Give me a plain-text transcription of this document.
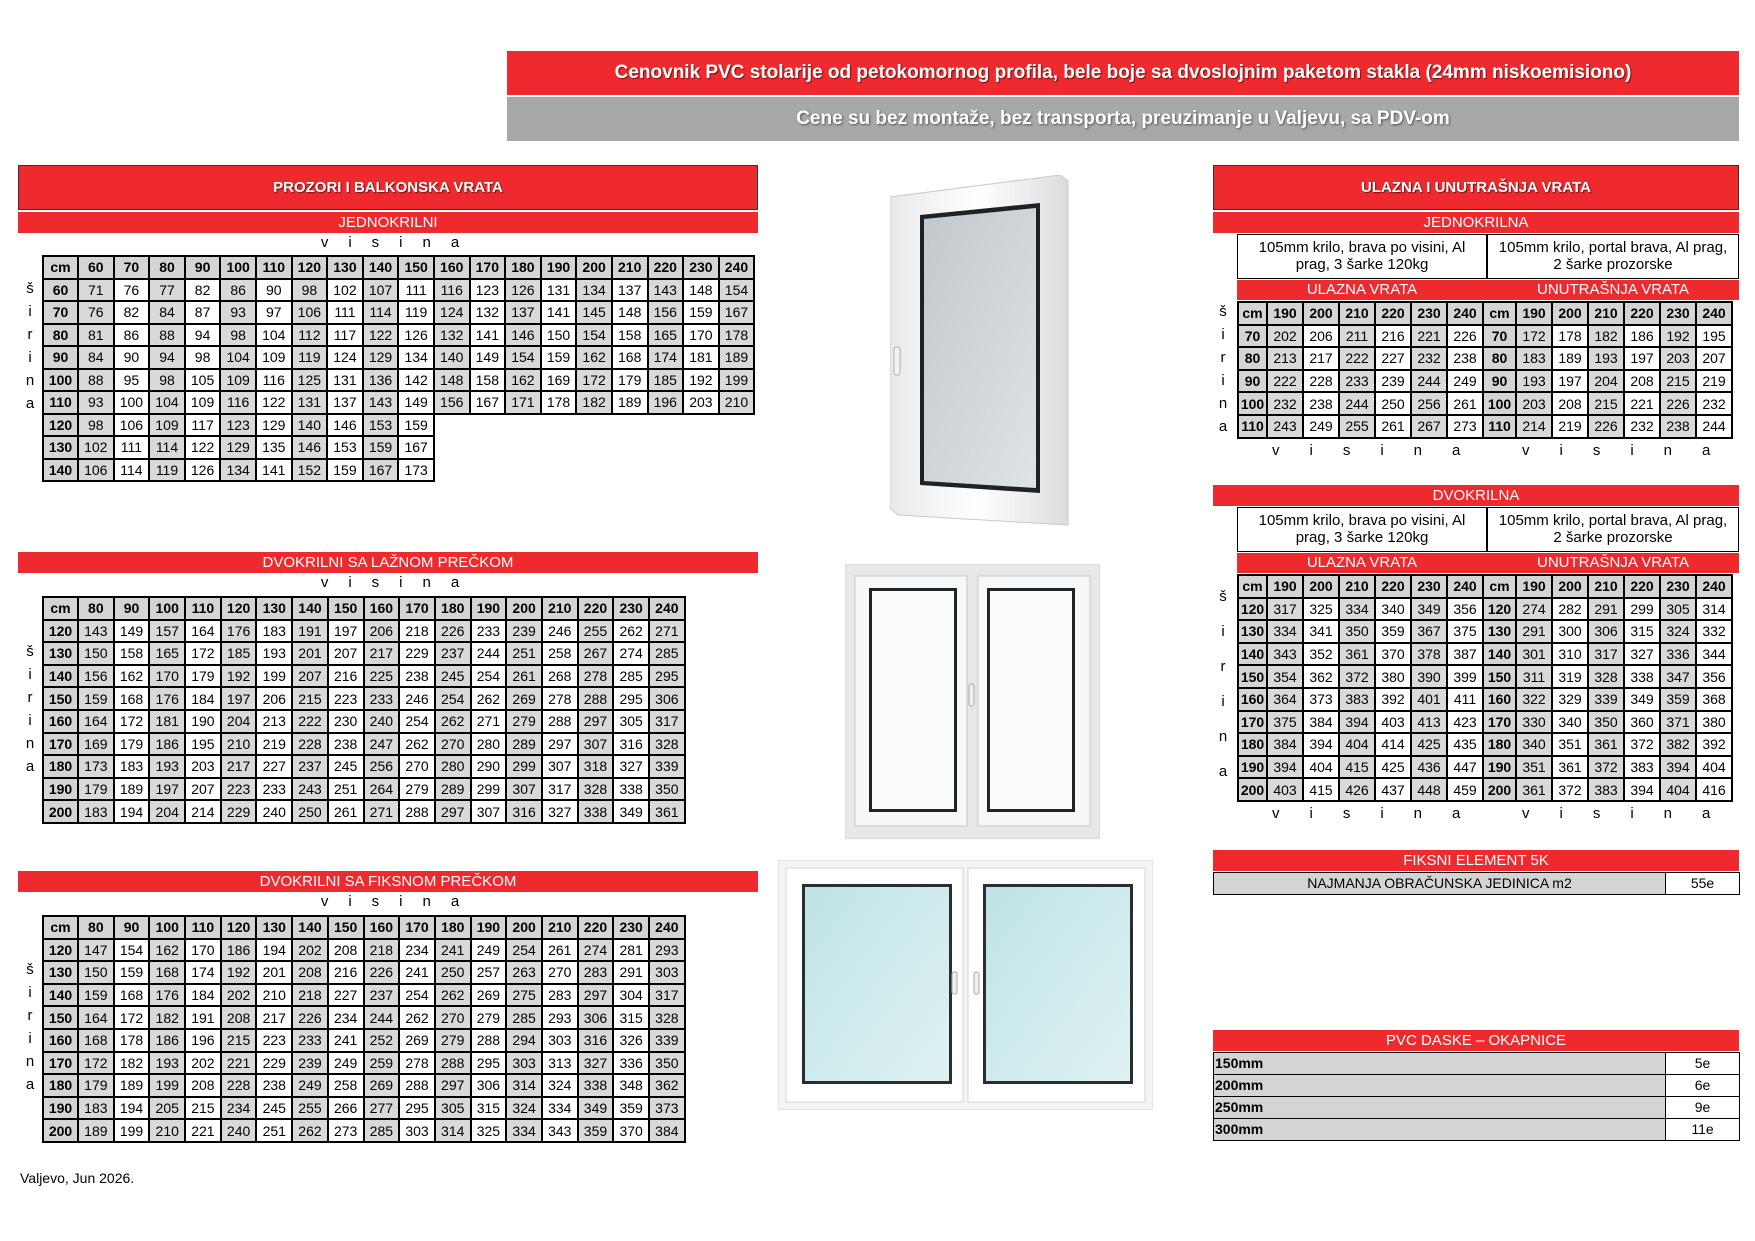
Cenovnik PVC stolarije od petokomornog profila, bele boje sa dvoslojnim paketom stakla (24mm niskoemisiono)
Cene su bez montaže, bez transporta, preuzimanje u Valjevu, sa PDV-om
PROZORI I BALKONSKA VRATA
JEDNOKRILNI
visina
š
i
r
i
n
a
cm	60	70	80	90	100	110	120	130	140	150	160	170	180	190	200	210	220	230	240
60	71	76	77	82	86	90	98	102	107	111	116	123	126	131	134	137	143	148	154
70	76	82	84	87	93	97	106	111	114	119	124	132	137	141	145	148	156	159	167
80	81	86	88	94	98	104	112	117	122	126	132	141	146	150	154	158	165	170	178
90	84	90	94	98	104	109	119	124	129	134	140	149	154	159	162	168	174	181	189
100	88	95	98	105	109	116	125	131	136	142	148	158	162	169	172	179	185	192	199
110	93	100	104	109	116	122	131	137	143	149	156	167	171	178	182	189	196	203	210
120	98	106	109	117	123	129	140	146	153	159									
130	102	111	114	122	129	135	146	153	159	167									
140	106	114	119	126	134	141	152	159	167	173									
DVOKRILNI SA LAŽNOM PREČKOM
visina
š
i
r
i
n
a
cm	80	90	100	110	120	130	140	150	160	170	180	190	200	210	220	230	240
120	143	149	157	164	176	183	191	197	206	218	226	233	239	246	255	262	271
130	150	158	165	172	185	193	201	207	217	229	237	244	251	258	267	274	285
140	156	162	170	179	192	199	207	216	225	238	245	254	261	268	278	285	295
150	159	168	176	184	197	206	215	223	233	246	254	262	269	278	288	295	306
160	164	172	181	190	204	213	222	230	240	254	262	271	279	288	297	305	317
170	169	179	186	195	210	219	228	238	247	262	270	280	289	297	307	316	328
180	173	183	193	203	217	227	237	245	256	270	280	290	299	307	318	327	339
190	179	189	197	207	223	233	243	251	264	279	289	299	307	317	328	338	350
200	183	194	204	214	229	240	250	261	271	288	297	307	316	327	338	349	361
DVOKRILNI SA FIKSNOM PREČKOM
visina
š
i
r
i
n
a
cm	80	90	100	110	120	130	140	150	160	170	180	190	200	210	220	230	240
120	147	154	162	170	186	194	202	208	218	234	241	249	254	261	274	281	293
130	150	159	168	174	192	201	208	216	226	241	250	257	263	270	283	291	303
140	159	168	176	184	202	210	218	227	237	254	262	269	275	283	297	304	317
150	164	172	182	191	208	217	226	234	244	262	270	279	285	293	306	315	328
160	168	178	186	196	215	223	233	241	252	269	279	288	294	303	316	326	339
170	172	182	193	202	221	229	239	249	259	278	288	295	303	313	327	336	350
180	179	189	199	208	228	238	249	258	269	288	297	306	314	324	338	348	362
190	183	194	205	215	234	245	255	266	277	295	305	315	324	334	349	359	373
200	189	199	210	221	240	251	262	273	285	303	314	325	334	343	359	370	384
ULAZNA I UNUTRAŠNJA VRATA
JEDNOKRILNA
105mm krilo, brava po visini, Al prag, 3 šarke 120kg
105mm krilo, portal brava, Al prag, 2 šarke prozorske
ULAZNA VRATA	UNUTRAŠNJA VRATA
š
i
r
i
n
a
cm	190	200	210	220	230	240	cm	190	200	210	220	230	240
70	202	206	211	216	221	226	70	172	178	182	186	192	195
80	213	217	222	227	232	238	80	183	189	193	197	203	207
90	222	228	233	239	244	249	90	193	197	204	208	215	219
100	232	238	244	250	256	261	100	203	208	215	221	226	232
110	243	249	255	261	267	273	110	214	219	226	232	238	244
visina visina
DVOKRILNA
105mm krilo, brava po visini, Al prag, 3 šarke 120kg
105mm krilo, portal brava, Al prag, 2 šarke prozorske
ULAZNA VRATA	UNUTRAŠNJA VRATA
š
i
r
i
n
a
cm	190	200	210	220	230	240	cm	190	200	210	220	230	240
120	317	325	334	340	349	356	120	274	282	291	299	305	314
130	334	341	350	359	367	375	130	291	300	306	315	324	332
140	343	352	361	370	378	387	140	301	310	317	327	336	344
150	354	362	372	380	390	399	150	311	319	328	338	347	356
160	364	373	383	392	401	411	160	322	329	339	349	359	368
170	375	384	394	403	413	423	170	330	340	350	360	371	380
180	384	394	404	414	425	435	180	340	351	361	372	382	392
190	394	404	415	425	436	447	190	351	361	372	383	394	404
200	403	415	426	437	448	459	200	361	372	383	394	404	416
visina visina
FIKSNI ELEMENT 5K
NAJMANJA OBRAČUNSKA JEDINICA m2	55e
PVC DASKE – OKAPNICE
150mm	5e
200mm	6e
250mm	9e
300mm	11e
Valjevo, Jun 2026.
